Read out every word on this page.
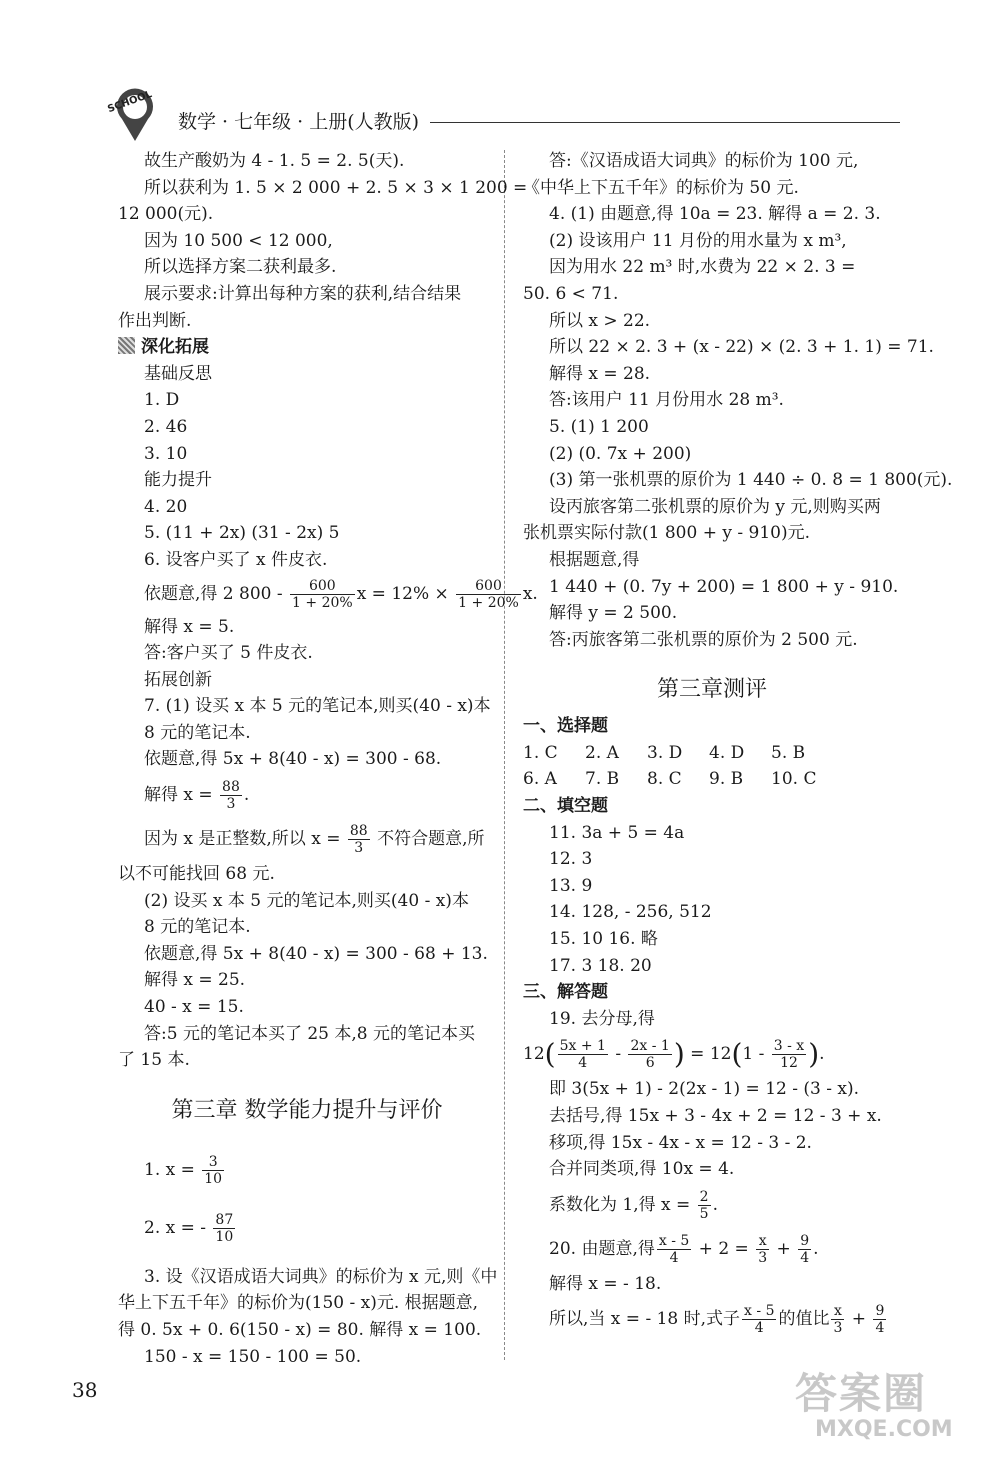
SCHOOL
数学 · 七年级 · 上册(人教版)
故生产酸奶为 4 - 1. 5 = 2. 5(天).
所以获利为 1. 5 × 2 000 + 2. 5 × 3 × 1 200 =
12 000(元).
因为 10 500 < 12 000,
所以选择方案二获利最多.
展示要求:计算出每种方案的获利,结合结果
作出判断.
深化拓展
基础反思
1. D
2. 46
3. 10
能力提升
4. 20
5. (11 + 2x) (31 - 2x) 5
6. 设客户买了 x 件皮衣.
依题意,得 2 $800 - \frac{600}{1 + 20\%}$ $x = 12\% \times \frac{600}{1 + 20\%} x$.
解得 x = 5.
答:客户买了 5 件皮衣.
拓展创新
7. (1) 设买 x 本 5 元的笔记本,则买(40 - x)本
8 元的笔记本.
依题意,得 5x + 8(40 - x) = 300 - 68.
解得 $x = \frac{88}{3}$ .
因为 x 是正整数,所以 $x = \frac{88}{3}$ 不符合题意,所
以不可能找回 68 元.
(2) 设买 x 本 5 元的笔记本,则买(40 - x)本
8 元的笔记本.
依题意,得 5x + 8(40 - x) = 300 - 68 + 13.
解得 x = 25.
40 - x = 15.
答:5 元的笔记本买了 25 本,8 元的笔记本买
了 15 本.
第三章 数学能力提升与评价
1. $x = \frac{3}{10}$
2. x = - $\frac{87}{10}$
3. 设《汉语成语大词典》的标价为 x 元,则《中
华上下五千年》的标价为(150 - x)元. 根据题意,
得 0. 5x + 0. 6(150 - x) = 80. 解得 x = 100.
150 - x = 150 - 100 = 50.
答:《汉语成语大词典》的标价为 100 元,
《中华上下五千年》的标价为 50 元.
4. (1) 由题意,得 10a = 23. 解得 a = 2. 3.
(2) 设该用户 11 月份的用水量为 x m³,
因为用水 22 m³ 时,水费为 22 × 2. 3 =
50. 6 < 71.
所以 x > 22.
所以 22 × 2. 3 + (x - 22) × (2. 3 + 1. 1) = 71.
解得 x = 28.
答:该用户 11 月份用水 28 m³.
5. (1) 1 200
(2) (0. 7x + 200)
(3) 第一张机票的原价为 1 440 ÷ 0. 8 = 1 800(元).
设丙旅客第二张机票的原价为 y 元,则购买两
张机票实际付款(1 800 + y - 910)元.
根据题意,得
1 440 + (0. 7y + 200) = 1 800 + y - 910.
解得 y = 2 500.
答:丙旅客第二张机票的原价为 2 500 元.
第三章测评
一、选择题
1. C 2. A 3. D 4. D 5. B
6. A 7. B 8. C 9. B 10. C
二、填空题
11. 3a + 5 = 4a
12. 3
13. 9
14. 128, - 256, 512
15. 10 16. 略
17. 3 18. 20
三、解答题
19. 去分母,得
$12( \frac{5x + 1}{4} - \frac{2x - 1}{6}$ ) = $12(1 - \frac{3 - x}{12}$ ).
即 3(5x + 1) - 2(2x - 1) = 12 - (3 - x).
去括号,得 15x + 3 - 4x + 2 = 12 - 3 + x.
移项,得 15x - 4x - x = 12 - 3 - 2.
合并同类项,得 10x = 4.
系数化为 1,得 $x = \frac{2}{5}$ .
20. 由题意,得 $\frac{x - 5}{4} + 2 = \frac{x}{3} + \frac{9}{4}$ .
解得 x = - 18.
所以,当 x = - 18 时,式子 $\frac{x - 5}{4}$ 的值比 $\frac{x}{3} + \frac{9}{4}$
38	答案圈
MXQE.COM
